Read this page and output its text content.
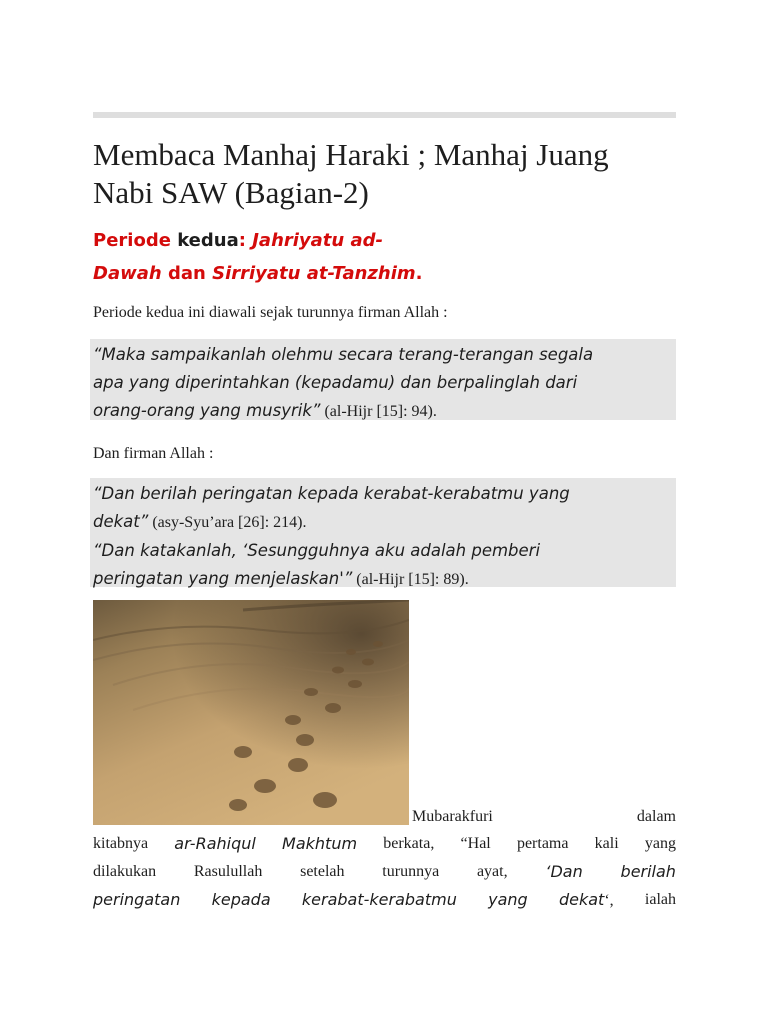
Membaca Manhaj Haraki ; Manhaj Juang Nabi SAW (Bagian-2)
Periode kedua: Jahriyatu ad-
Dawah dan Sirriyatu at-Tanzhim.
Periode kedua ini diawali sejak turunnya firman Allah :
“Maka sampaikanlah olehmu secara terang-terangan segala
apa yang diperintahkan (kepadamu) dan berpalinglah dari
orang-orang yang musyrik” (al-Hijr [15]: 94).
Dan firman Allah :
“Dan berilah peringatan kepada kerabat-kerabatmu yang
dekat” (asy-Syu’ara [26]: 214).
“Dan katakanlah, ‘Sesungguhnya aku adalah pemberi
peringatan yang menjelaskan'” (al-Hijr [15]: 89).
Mubarakfuri	dalam
kitabnya ar-Rahiqul Makhtum berkata, “Hal pertama kali yang
dilakukan Rasulullah setelah turunnya ayat, ‘Dan berilah
peringatan kepada kerabat-kerabatmu yang dekat‘, ialah
